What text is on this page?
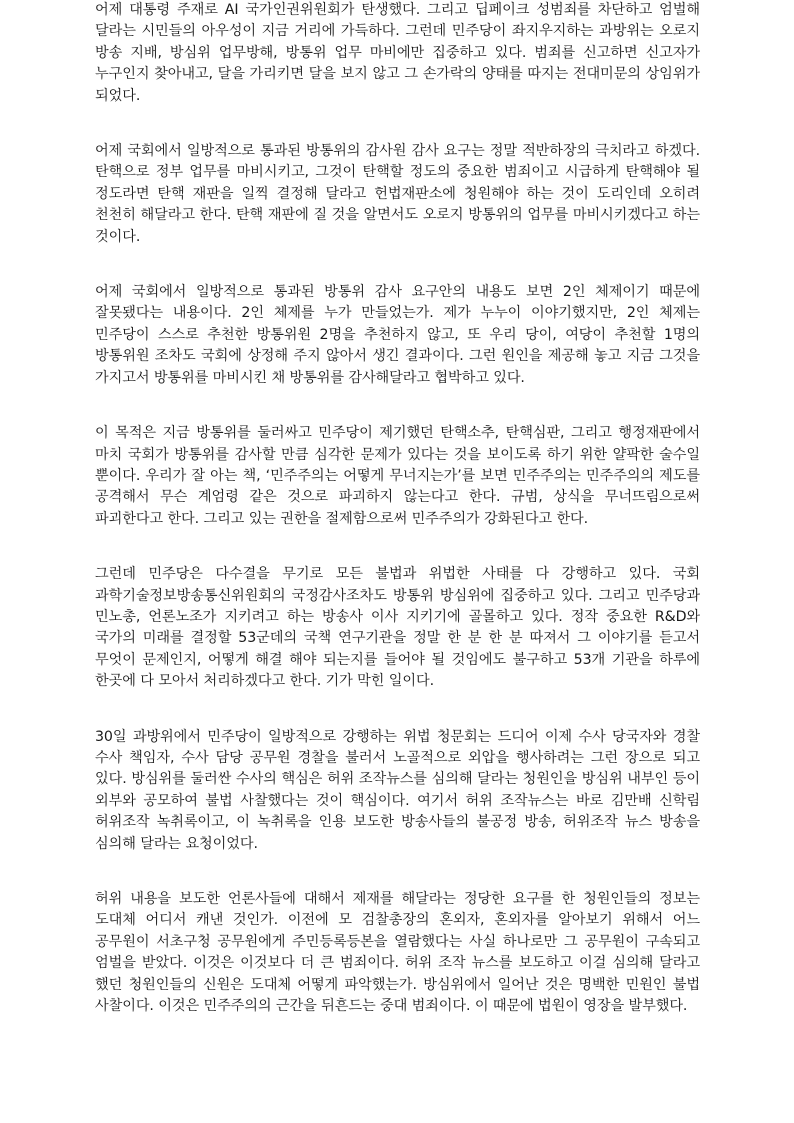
어제 대통령 주재로 AI 국가인권위원회가 탄생했다. 그리고 딥페이크 성범죄를 차단하고 엄벌해 달라는 시민들의 아우성이 지금 거리에 가득하다. 그런데 민주당이 좌지우지하는 과방위는 오로지 방송 지배, 방심위 업무방해, 방통위 업무 마비에만 집중하고 있다. 범죄를 신고하면 신고자가 누구인지 찾아내고, 달을 가리키면 달을 보지 않고 그 손가락의 양태를 따지는 전대미문의 상임위가 되었다.

어제 국회에서 일방적으로 통과된 방통위의 감사원 감사 요구는 정말 적반하장의 극치라고 하겠다. 탄핵으로 정부 업무를 마비시키고, 그것이 탄핵할 정도의 중요한 범죄이고 시급하게 탄핵해야 될 정도라면 탄핵 재판을 일찍 결정해 달라고 헌법재판소에 청원해야 하는 것이 도리인데 오히려 천천히 해달라고 한다. 탄핵 재판에 질 것을 알면서도 오로지 방통위의 업무를 마비시키겠다고 하는 것이다.

어제 국회에서 일방적으로 통과된 방통위 감사 요구안의 내용도 보면 2인 체제이기 때문에 잘못됐다는 내용이다. 2인 체제를 누가 만들었는가. 제가 누누이 이야기했지만, 2인 체제는 민주당이 스스로 추천한 방통위원 2명을 추천하지 않고, 또 우리 당이, 여당이 추천할 1명의 방통위원 조차도 국회에 상정해 주지 않아서 생긴 결과이다. 그런 원인을 제공해 놓고 지금 그것을 가지고서 방통위를 마비시킨 채 방통위를 감사해달라고 협박하고 있다.

이 목적은 지금 방통위를 둘러싸고 민주당이 제기했던 탄핵소추, 탄핵심판, 그리고 행정재판에서 마치 국회가 방통위를 감사할 만큼 심각한 문제가 있다는 것을 보이도록 하기 위한 얄팍한 술수일 뿐이다. 우리가 잘 아는 책, ‘민주주의는 어떻게 무너지는가’를 보면 민주주의는 민주주의의 제도를 공격해서 무슨 계엄령 같은 것으로 파괴하지 않는다고 한다. 규범, 상식을 무너뜨림으로써 파괴한다고 한다. 그리고 있는 권한을 절제함으로써 민주주의가 강화된다고 한다.

그런데 민주당은 다수결을 무기로 모든 불법과 위법한 사태를 다 강행하고 있다. 국회 과학기술정보방송통신위원회의 국정감사조차도 방통위 방심위에 집중하고 있다. 그리고 민주당과 민노총, 언론노조가 지키려고 하는 방송사 이사 지키기에 골몰하고 있다. 정작 중요한 R&D와 국가의 미래를 결정할 53군데의 국책 연구기관을 정말 한 분 한 분 따져서 그 이야기를 듣고서 무엇이 문제인지, 어떻게 해결 해야 되는지를 들어야 될 것임에도 불구하고 53개 기관을 하루에 한곳에 다 모아서 처리하겠다고 한다. 기가 막힌 일이다.

30일 과방위에서 민주당이 일방적으로 강행하는 위법 청문회는 드디어 이제 수사 당국자와 경찰 수사 책임자, 수사 담당 공무원 경찰을 불러서 노골적으로 외압을 행사하려는 그런 장으로 되고 있다. 방심위를 둘러싼 수사의 핵심은 허위 조작뉴스를 심의해 달라는 청원인을 방심위 내부인 등이 외부와 공모하여 불법 사찰했다는 것이 핵심이다. 여기서 허위 조작뉴스는 바로 김만배 신학림 허위조작 녹취록이고, 이 녹취록을 인용 보도한 방송사들의 불공정 방송, 허위조작 뉴스 방송을 심의해 달라는 요청이었다.

허위 내용을 보도한 언론사들에 대해서 제재를 해달라는 정당한 요구를 한 청원인들의 정보는 도대체 어디서 캐낸 것인가. 이전에 모 검찰총장의 혼외자, 혼외자를 알아보기 위해서 어느 공무원이 서초구청 공무원에게 주민등록등본을 열람했다는 사실 하나로만 그 공무원이 구속되고 엄벌을 받았다. 이것은 이것보다 더 큰 범죄이다. 허위 조작 뉴스를 보도하고 이걸 심의해 달라고 했던 청원인들의 신원은 도대체 어떻게 파악했는가. 방심위에서 일어난 것은 명백한 민원인 불법 사찰이다. 이것은 민주주의의 근간을 뒤흔드는 중대 범죄이다. 이 때문에 법원이 영장을 발부했다.
